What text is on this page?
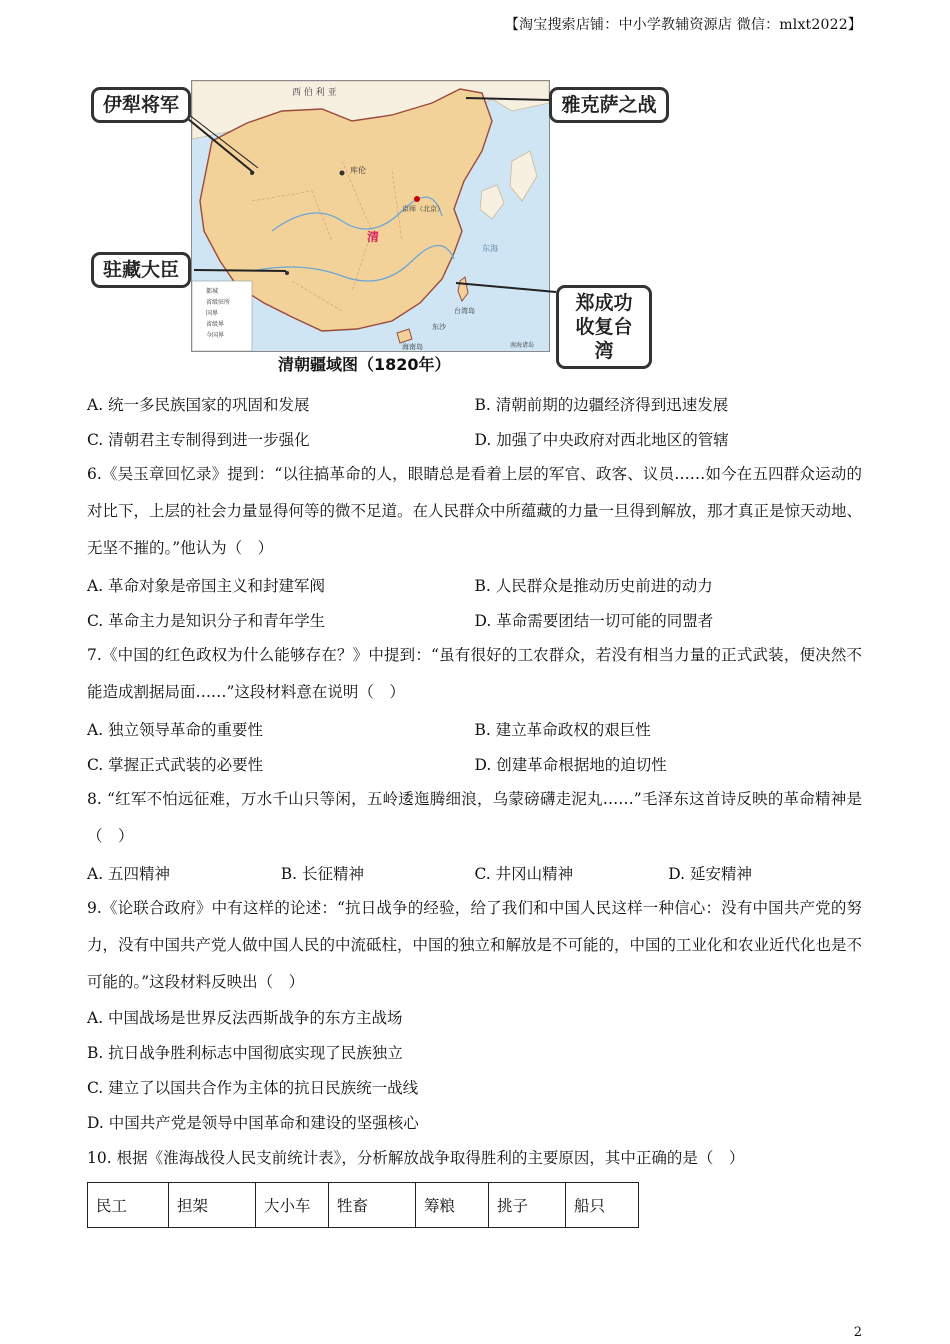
【淘宝搜索店铺：中小学教辅资源店 微信：mlxt2022】
西 伯 利 亚
库伦
京师（北京）
清
台湾岛
东沙
海南岛
东海
南海诸岛
都城
省级驻所
国界
省级界
今国界
伊犁将军	雅克萨之战
驻藏大臣
郑成功
收复台湾
清朝疆域图（1820年）
A. 统一多民族国家的巩固和发展	B. 清朝前期的边疆经济得到迅速发展
C. 清朝君主专制得到进一步强化	D. 加强了中央政府对西北地区的管辖
6.《吴玉章回忆录》提到：“以往搞革命的人，眼睛总是看着上层的军官、政客、议员……如今在五四群众运动的对比下，上层的社会力量显得何等的微不足道。在人民群众中所蕴藏的力量一旦得到解放，那才真正是惊天动地、无坚不摧的。”他认为（　）
A. 革命对象是帝国主义和封建军阀	B. 人民群众是推动历史前进的动力
C. 革命主力是知识分子和青年学生	D. 革命需要团结一切可能的同盟者
7.《中国的红色政权为什么能够存在？》中提到：“虽有很好的工农群众，若没有相当力量的正式武装，便决然不能造成割据局面……”这段材料意在说明（　）
A. 独立领导革命的重要性	B. 建立革命政权的艰巨性
C. 掌握正式武装的必要性	D. 创建革命根据地的迫切性
8. “红军不怕远征难，万水千山只等闲，五岭逶迤腾细浪，乌蒙磅礴走泥丸……”毛泽东这首诗反映的革命精神是（　）
A. 五四精神	B. 长征精神	C. 井冈山精神	D. 延安精神
9.《论联合政府》中有这样的论述：“抗日战争的经验，给了我们和中国人民这样一种信心：没有中国共产党的努力，没有中国共产党人做中国人民的中流砥柱，中国的独立和解放是不可能的，中国的工业化和农业近代化也是不可能的。”这段材料反映出（　）
A. 中国战场是世界反法西斯战争的东方主战场
B. 抗日战争胜利标志中国彻底实现了民族独立
C. 建立了以国共合作为主体的抗日民族统一战线
D. 中国共产党是领导中国革命和建设的坚强核心
10. 根据《淮海战役人民支前统计表》，分析解放战争取得胜利的主要原因，其中正确的是（　）
民工	担架	大小车	牲畜	筹粮	挑子	船只
2
